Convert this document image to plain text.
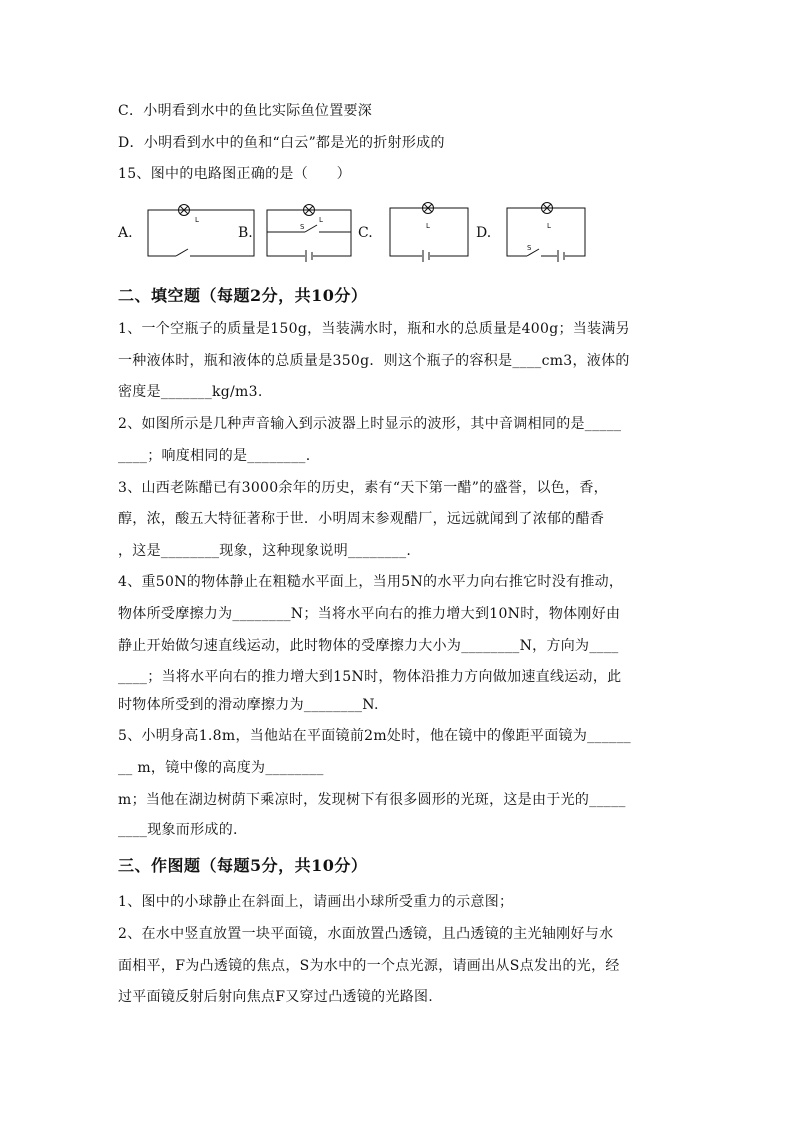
C．小明看到水中的鱼比实际鱼位置要深
D．小明看到水中的鱼和“白云”都是光的折射形成的
15、图中的电路图正确的是（　　）
A.
L
B.
L
S	C.	L	D.	L
S
二、填空题（每题2分，共10分）
1、一个空瓶子的质量是150g，当装满水时，瓶和水的总质量是400g；当装满另
一种液体时，瓶和液体的总质量是350g．则这个瓶子的容积是____cm3，液体的
密度是_______kg/m3.
2、如图所示是几种声音输入到示波器上时显示的波形，其中音调相同的是_____
____；响度相同的是________.
3、山西老陈醋已有3000余年的历史，素有“天下第一醋”的盛誉，以色，香，
醇，浓，酸五大特征著称于世．小明周末参观醋厂，远远就闻到了浓郁的醋香
，这是________现象，这种现象说明________.
4、重50N的物体静止在粗糙水平面上，当用5N的水平力向右推它时没有推动，
物体所受摩擦力为________N；当将水平向右的推力增大到10N时，物体刚好由
静止开始做匀速直线运动，此时物体的受摩擦力大小为________N，方向为____
____；当将水平向右的推力增大到15N时，物体沿推力方向做加速直线运动，此
时物体所受到的滑动摩擦力为________N.
5、小明身高1.8m，当他站在平面镜前2m处时，他在镜中的像距平面镜为______
__ m，镜中像的高度为________
m；当他在湖边树荫下乘凉时，发现树下有很多圆形的光斑，这是由于光的_____
____现象而形成的.
三、作图题（每题5分，共10分）
1、图中的小球静止在斜面上，请画出小球所受重力的示意图；
2、在水中竖直放置一块平面镜，水面放置凸透镜，且凸透镜的主光轴刚好与水
面相平，F为凸透镜的焦点，S为水中的一个点光源，请画出从S点发出的光，经
过平面镜反射后射向焦点F又穿过凸透镜的光路图.
